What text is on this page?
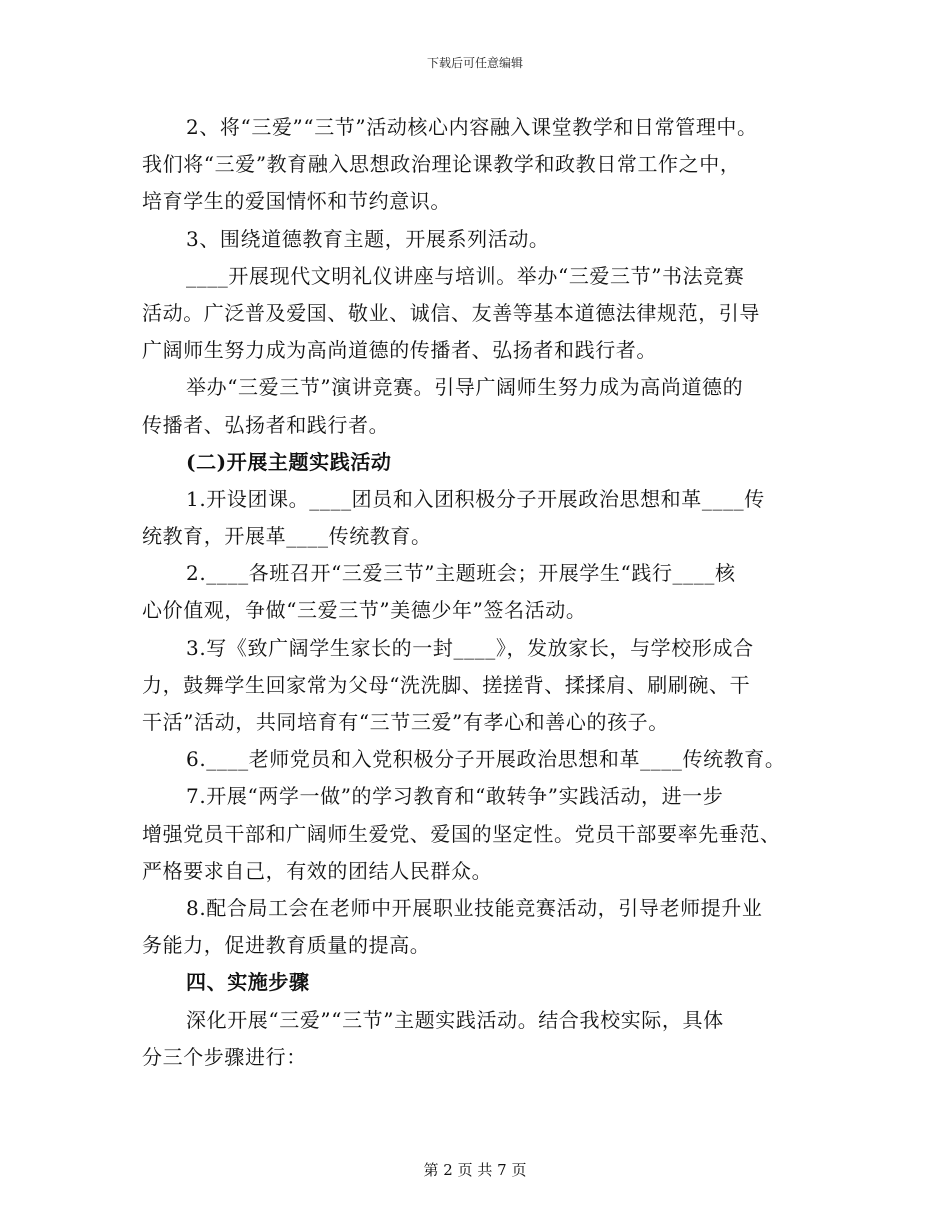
下载后可任意编辑
2、将“三爱”“三节”活动核心内容融入课堂教学和日常管理中。
我们将“三爱”教育融入思想政治理论课教学和政教日常工作之中，
培育学生的爱国情怀和节约意识。
3、围绕道德教育主题，开展系列活动。
____开展现代文明礼仪讲座与培训。举办“三爱三节”书法竞赛
活动。广泛普及爱国、敬业、诚信、友善等基本道德法律规范，引导
广阔师生努力成为高尚道德的传播者、弘扬者和践行者。
举办“三爱三节”演讲竞赛。引导广阔师生努力成为高尚道德的
传播者、弘扬者和践行者。
(二)开展主题实践活动
1.开设团课。____团员和入团积极分子开展政治思想和革____传
统教育，开展革____传统教育。
2.____各班召开“三爱三节”主题班会；开展学生“践行____核
心价值观，争做“三爱三节”美德少年”签名活动。
3.写《致广阔学生家长的一封____》，发放家长，与学校形成合
力，鼓舞学生回家常为父母“洗洗脚、搓搓背、揉揉肩、刷刷碗、干
干活”活动，共同培育有“三节三爱”有孝心和善心的孩子。
6.____老师党员和入党积极分子开展政治思想和革____传统教育。
7.开展“两学一做”的学习教育和“敢转争”实践活动，进一步
增强党员干部和广阔师生爱党、爱国的坚定性。党员干部要率先垂范、
严格要求自己，有效的团结人民群众。
8.配合局工会在老师中开展职业技能竞赛活动，引导老师提升业
务能力，促进教育质量的提高。
四、实施步骤
深化开展“三爱”“三节”主题实践活动。结合我校实际，具体
分三个步骤进行：
第 2 页 共 7 页
